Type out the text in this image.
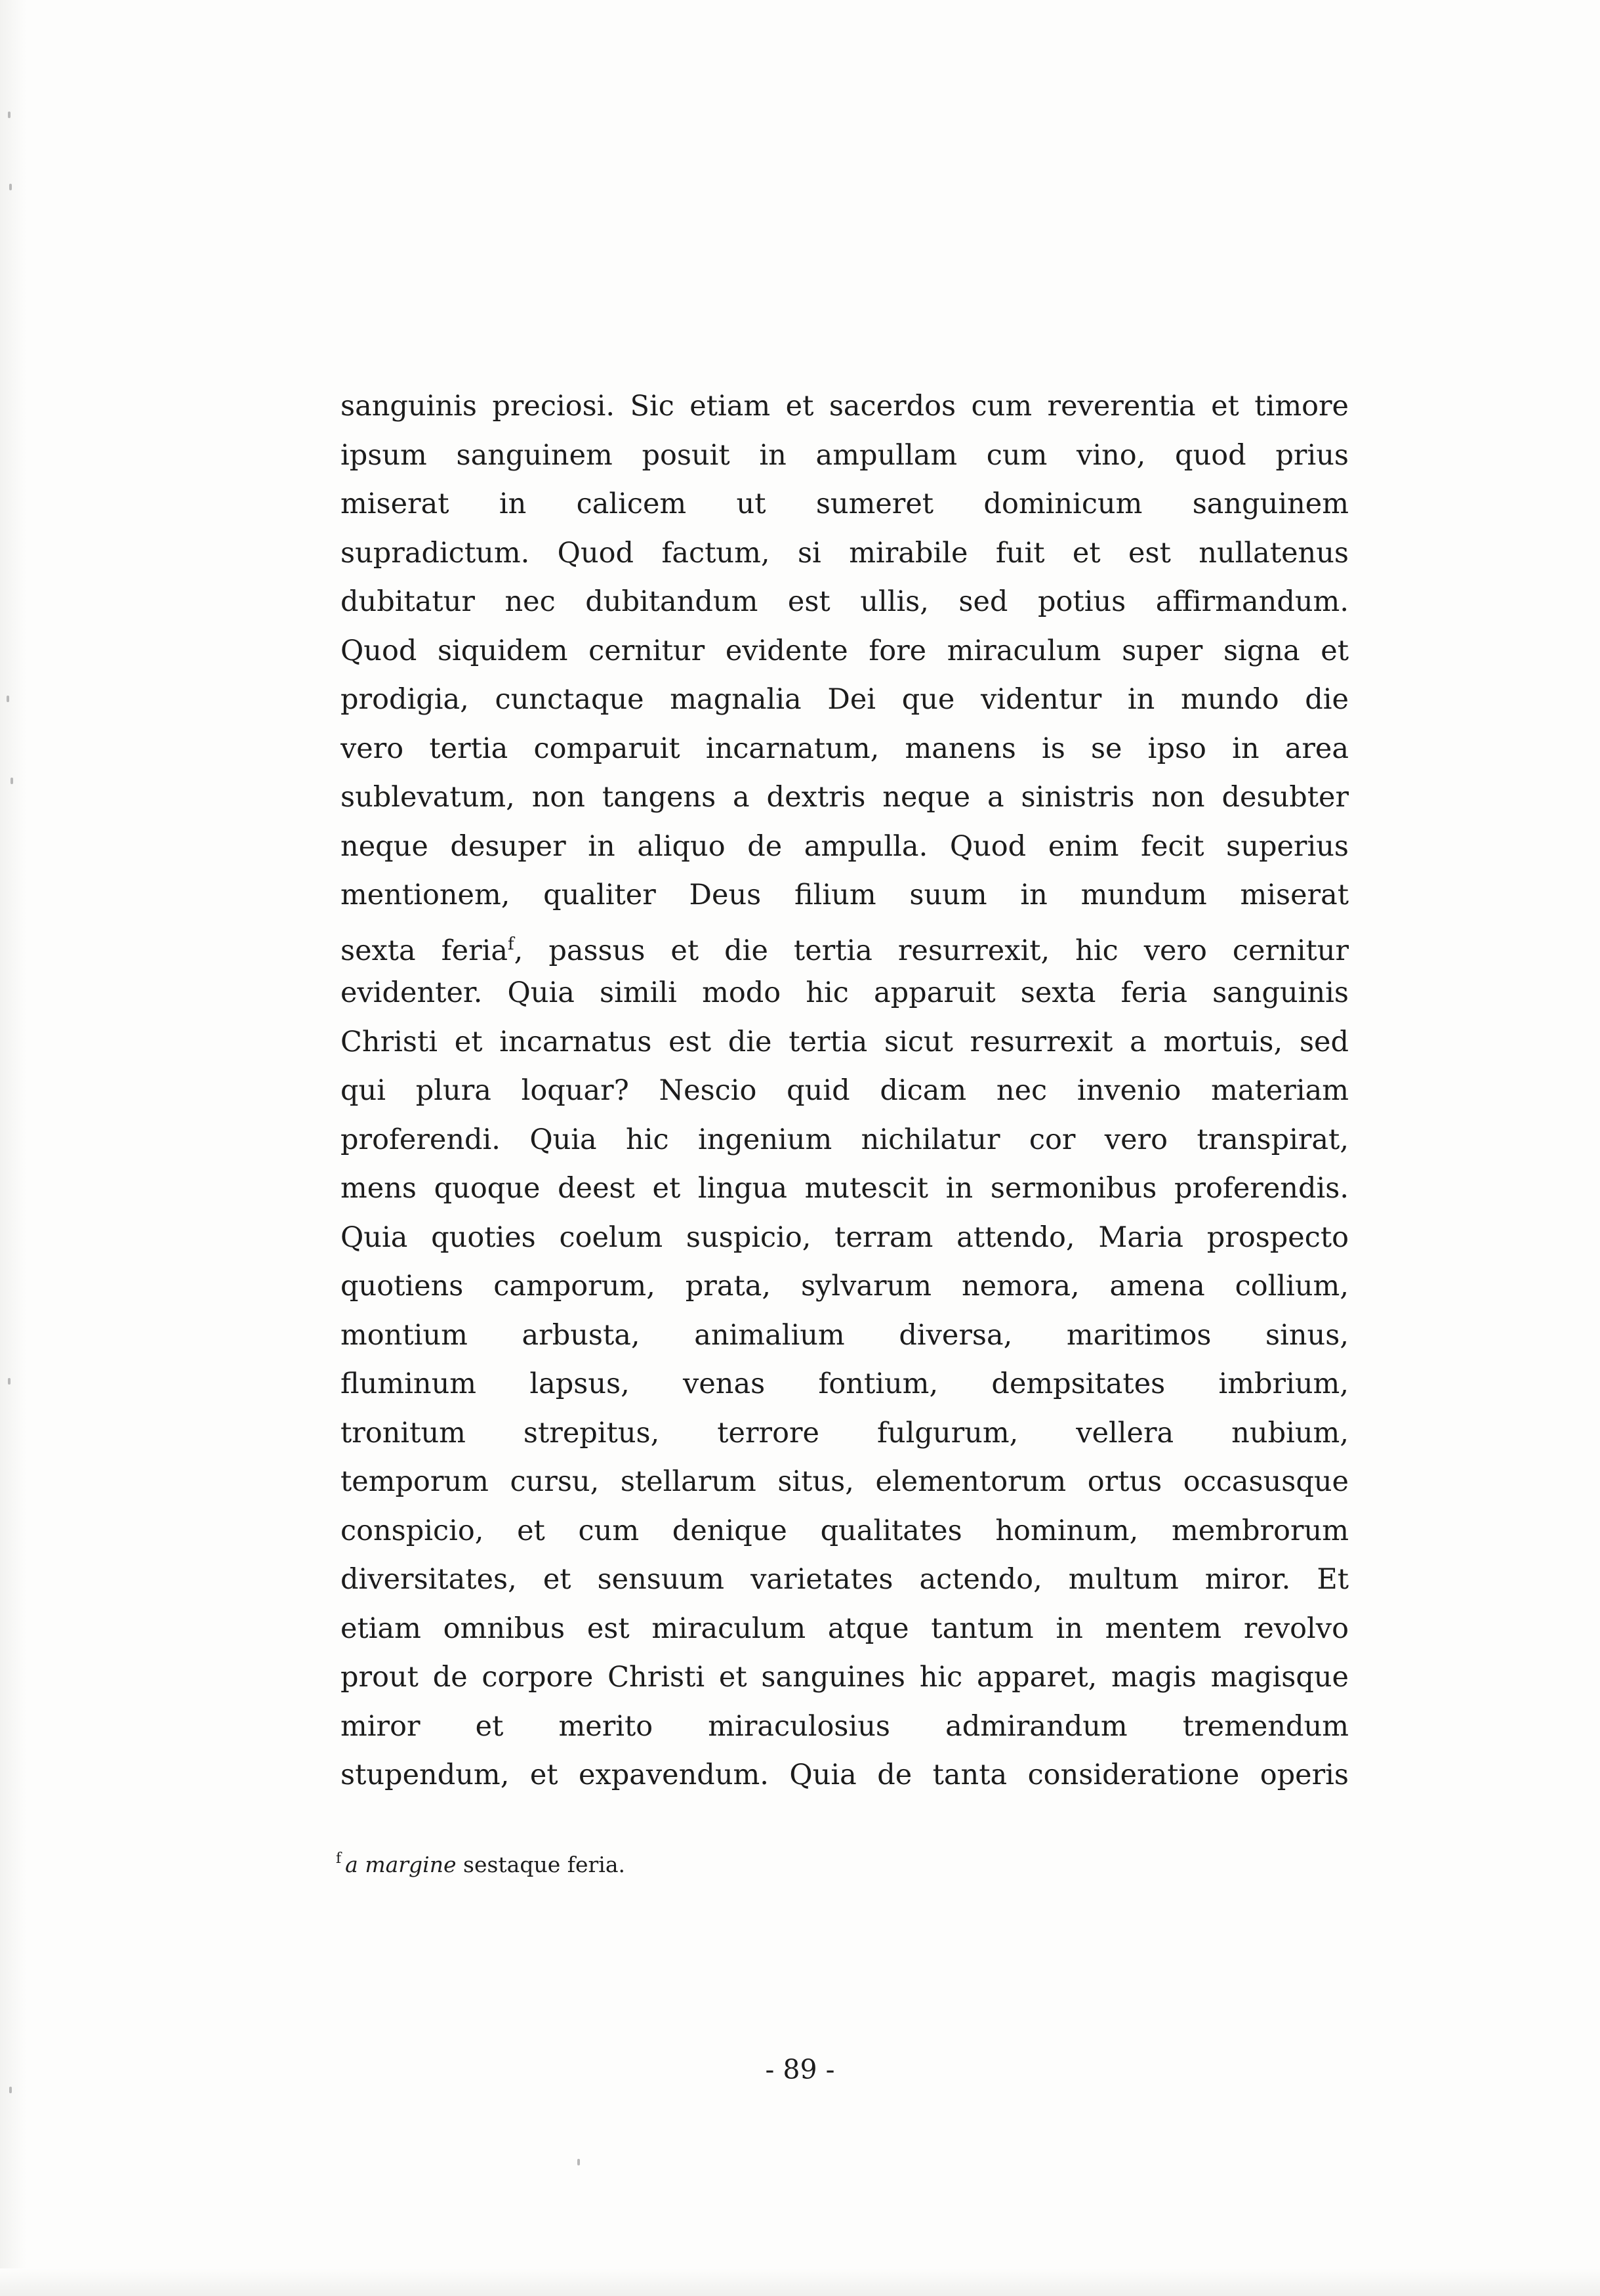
sanguinis preciosi. Sic etiam et sacerdos cum reverentia et timore
ipsum sanguinem posuit in ampullam cum vino, quod prius
miserat in calicem ut sumeret dominicum sanguinem
supradictum. Quod factum, si mirabile fuit et est nullatenus
dubitatur nec dubitandum est ullis, sed potius affirmandum.
Quod siquidem cernitur evidente fore miraculum super signa et
prodigia, cunctaque magnalia Dei que videntur in mundo die
vero tertia comparuit incarnatum, manens is se ipso in area
sublevatum, non tangens a dextris neque a sinistris non desubter
neque desuper in aliquo de ampulla. Quod enim fecit superius
mentionem, qualiter Deus filium suum in mundum miserat
sexta feria$^f$, passus et die tertia resurrexit, hic vero cernitur
evidenter. Quia simili modo hic apparuit sexta feria sanguinis
Christi et incarnatus est die tertia sicut resurrexit a mortuis, sed
qui plura loquar? Nescio quid dicam nec invenio materiam
proferendi. Quia hic ingenium nichilatur cor vero transpirat,
mens quoque deest et lingua mutescit in sermonibus proferendis.
Quia quoties coelum suspicio, terram attendo, Maria prospecto
quotiens camporum, prata, sylvarum nemora, amena collium,
montium arbusta, animalium diversa, maritimos sinus,
fluminum lapsus, venas fontium, dempsitates imbrium,
tronitum strepitus, terrore fulgurum, vellera nubium,
temporum cursu, stellarum situs, elementorum ortus occasusque
conspicio, et cum denique qualitates hominum, membrorum
diversitates, et sensuum varietates actendo, multum miror. Et
etiam omnibus est miraculum atque tantum in mentem revolvo
prout de corpore Christi et sanguines hic apparet, magis magisque
miror et merito miraculosius admirandum tremendum
stupendum, et expavendum. Quia de tanta consideratione operis
$^f$ a margine sestaque feria.
- 89 -
